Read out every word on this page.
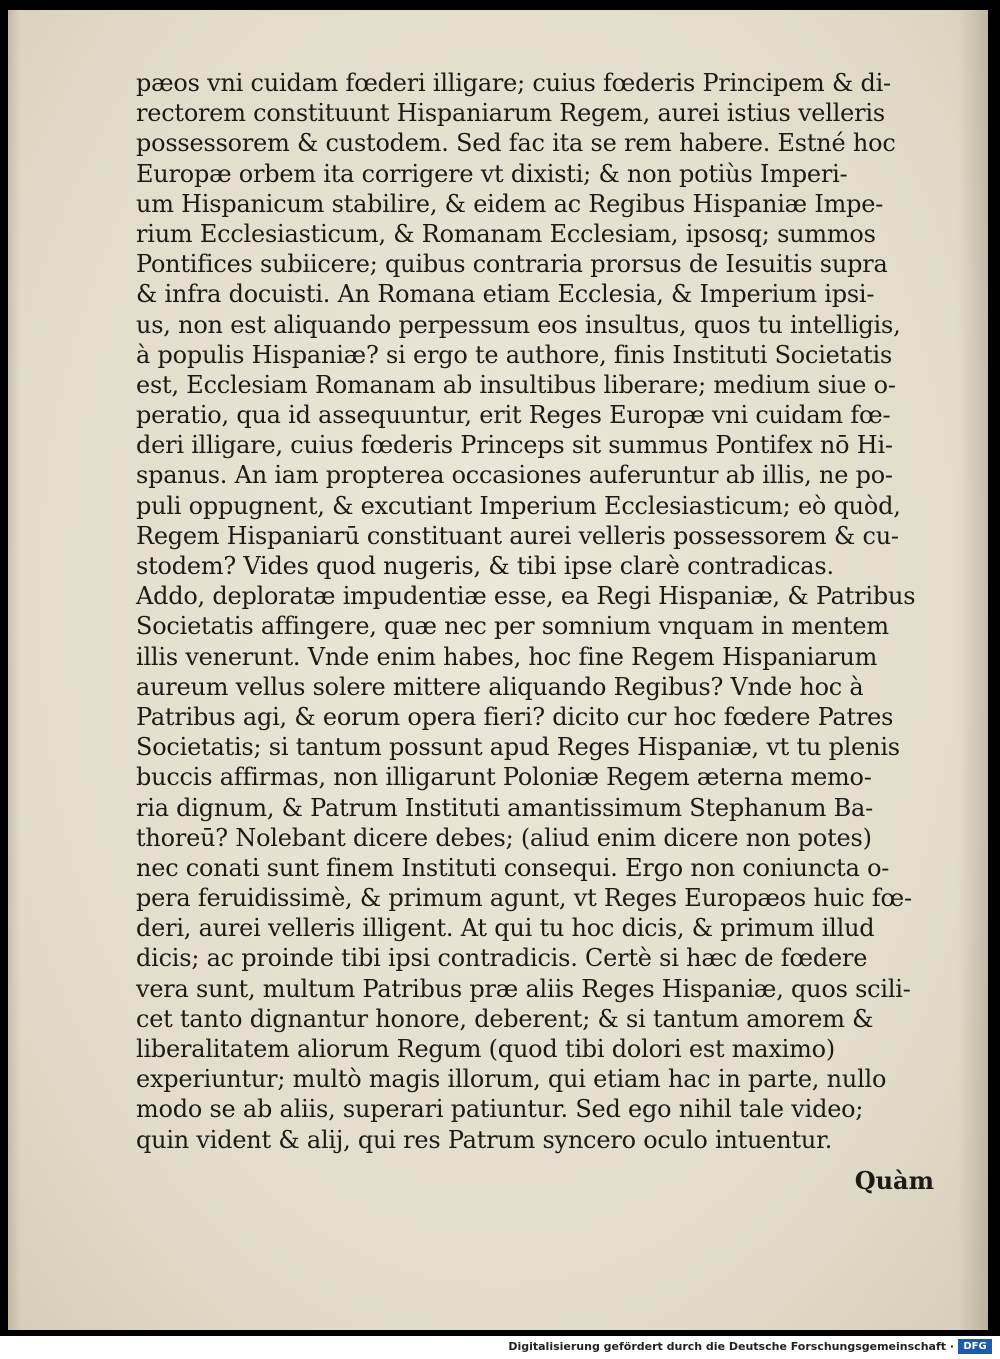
pæos vni cuidam fœderi illigare; cuius fœderis Principem & di-
rectorem constituunt Hispaniarum Regem, aurei istius velleris
possessorem & custodem. Sed fac ita se rem habere. Estné hoc
Europæ orbem ita corrigere vt dixisti; & non potiùs Imperi-
um Hispanicum stabilire, & eidem ac Regibus Hispaniæ Impe-
rium Ecclesiasticum, & Romanam Ecclesiam, ipsosq; summos
Pontifices subiicere; quibus contraria prorsus de Iesuitis supra
& infra docuisti. An Romana etiam Ecclesia, & Imperium ipsi-
us, non est aliquando perpessum eos insultus, quos tu intelligis,
à populis Hispaniæ? si ergo te authore, finis Instituti Societatis
est, Ecclesiam Romanam ab insultibus liberare; medium siue o-
peratio, qua id assequuntur, erit Reges Europæ vni cuidam fœ-
deri illigare, cuius fœderis Princeps sit summus Pontifex nō Hi-
spanus. An iam propterea occasiones auferuntur ab illis, ne po-
puli oppugnent, & excutiant Imperium Ecclesiasticum; eò quòd,
Regem Hispaniarū constituant aurei velleris possessorem & cu-
stodem? Vides quod nugeris, & tibi ipse clarè contradicas.
Addo, deploratæ impudentiæ esse, ea Regi Hispaniæ, & Patribus
Societatis affingere, quæ nec per somnium vnquam in mentem
illis venerunt. Vnde enim habes, hoc fine Regem Hispaniarum
aureum vellus solere mittere aliquando Regibus? Vnde hoc à
Patribus agi, & eorum opera fieri? dicito cur hoc fœdere Patres
Societatis; si tantum possunt apud Reges Hispaniæ, vt tu plenis
buccis affirmas, non illigarunt Poloniæ Regem æterna memo-
ria dignum, & Patrum Instituti amantissimum Stephanum Ba-
thoreū? Nolebant dicere debes; (aliud enim dicere non potes)
nec conati sunt finem Instituti consequi. Ergo non coniuncta o-
pera feruidissimè, & primum agunt, vt Reges Europæos huic fœ-
deri, aurei velleris illigent. At qui tu hoc dicis, & primum illud
dicis; ac proinde tibi ipsi contradicis. Certè si hæc de fœdere
vera sunt, multum Patribus præ aliis Reges Hispaniæ, quos scili-
cet tanto dignantur honore, deberent; & si tantum amorem &
liberalitatem aliorum Regum (quod tibi dolori est maximo)
experiuntur; multò magis illorum, qui etiam hac in parte, nullo
modo se ab aliis, superari patiuntur. Sed ego nihil tale video;
quin vident & alij, qui res Patrum syncero oculo intuentur.
Quàm
Digitalisierung gefördert durch die Deutsche Forschungsgemeinschaft · DFG
